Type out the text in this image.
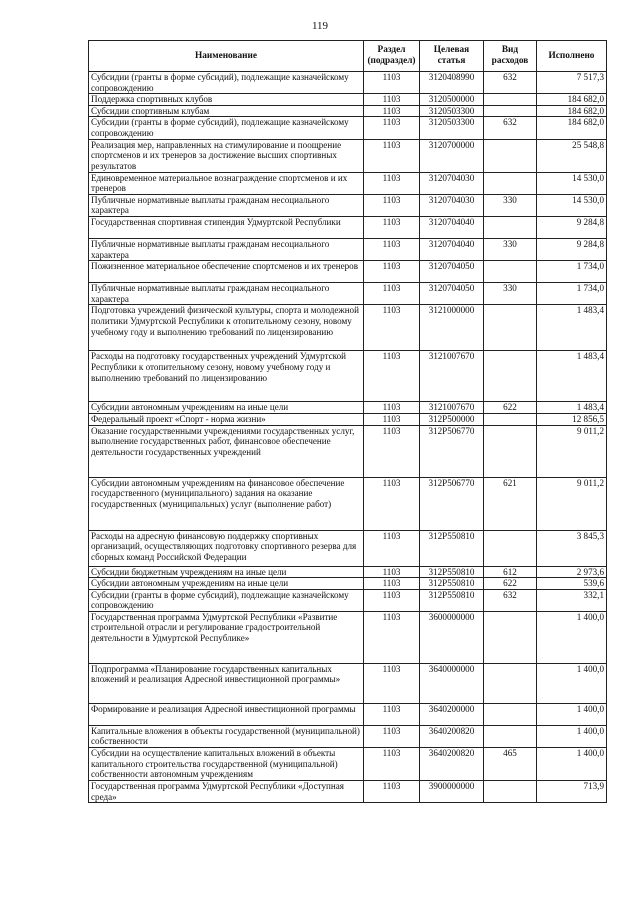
119
Наименование	Раздел (подраздел)	Целевая статья	Вид расходов	Исполнено
Субсидии (гранты в форме субсидий), подлежащие казначейскому сопровождению	1103	3120408990	632	7 517,3
Поддержка спортивных клубов	1103	3120500000		184 682,0
Субсидии спортивным клубам	1103	3120503300		184 682,0
Субсидии (гранты в форме субсидий), подлежащие казначейскому сопровождению	1103	3120503300	632	184 682,0
Реализация мер, направленных на стимулирование и поощрение спортсменов и их тренеров за достижение высших спортивных результатов	1103	3120700000		25 548,8
Единовременное материальное вознаграждение спортсменов и их тренеров	1103	3120704030		14 530,0
Публичные нормативные выплаты гражданам несоциального характера	1103	3120704030	330	14 530,0
Государственная спортивная стипендия Удмуртской Республики	1103	3120704040		9 284,8
Публичные нормативные выплаты гражданам несоциального характера	1103	3120704040	330	9 284,8
Пожизненное материальное обеспечение спортсменов и их тренеров	1103	3120704050		1 734,0
Публичные нормативные выплаты гражданам несоциального характера	1103	3120704050	330	1 734,0
Подготовка учреждений физической культуры, спорта и молодежной политики Удмуртской Республики к отопительному сезону, новому учебному году и выполнению требований по лицензированию	1103	3121000000		1 483,4
Расходы на подготовку государственных учреждений Удмуртской Республики к отопительному сезону, новому учебному году и выполнению требований по лицензированию	1103	3121007670		1 483,4
Субсидии автономным учреждениям на иные цели	1103	3121007670	622	1 483,4
Федеральный проект «Спорт - норма жизни»	1103	312P500000		12 856,5
Оказание государственными учреждениями государственных услуг, выполнение государственных работ, финансовое обеспечение деятельности государственных учреждений	1103	312P506770		9 011,2
Субсидии автономным учреждениям на финансовое обеспечение государственного (муниципального) задания на оказание государственных (муниципальных) услуг (выполнение работ)	1103	312P506770	621	9 011,2
Расходы на адресную финансовую поддержку спортивных организаций, осуществляющих подготовку спортивного резерва для сборных команд Российской Федерации	1103	312P550810		3 845,3
Субсидии бюджетным учреждениям на иные цели	1103	312P550810	612	2 973,6
Субсидии автономным учреждениям на иные цели	1103	312P550810	622	539,6
Субсидии (гранты в форме субсидий), подлежащие казначейскому сопровождению	1103	312P550810	632	332,1
Государственная программа Удмуртской Республики «Развитие строительной отрасли и регулирование градостроительной деятельности в Удмуртской Республике»	1103	3600000000		1 400,0
Подпрограмма «Планирование государственных капитальных вложений и реализация Адресной инвестиционной программы»	1103	3640000000		1 400,0
Формирование и реализация Адресной инвестиционной программы	1103	3640200000		1 400,0
Капитальные вложения в объекты государственной (муниципальной) собственности	1103	3640200820		1 400,0
Субсидии на осуществление капитальных вложений в объекты капитального строительства государственной (муниципальной) собственности автономным учреждениям	1103	3640200820	465	1 400,0
Государственная программа Удмуртской Республики «Доступная среда»	1103	3900000000		713,9
